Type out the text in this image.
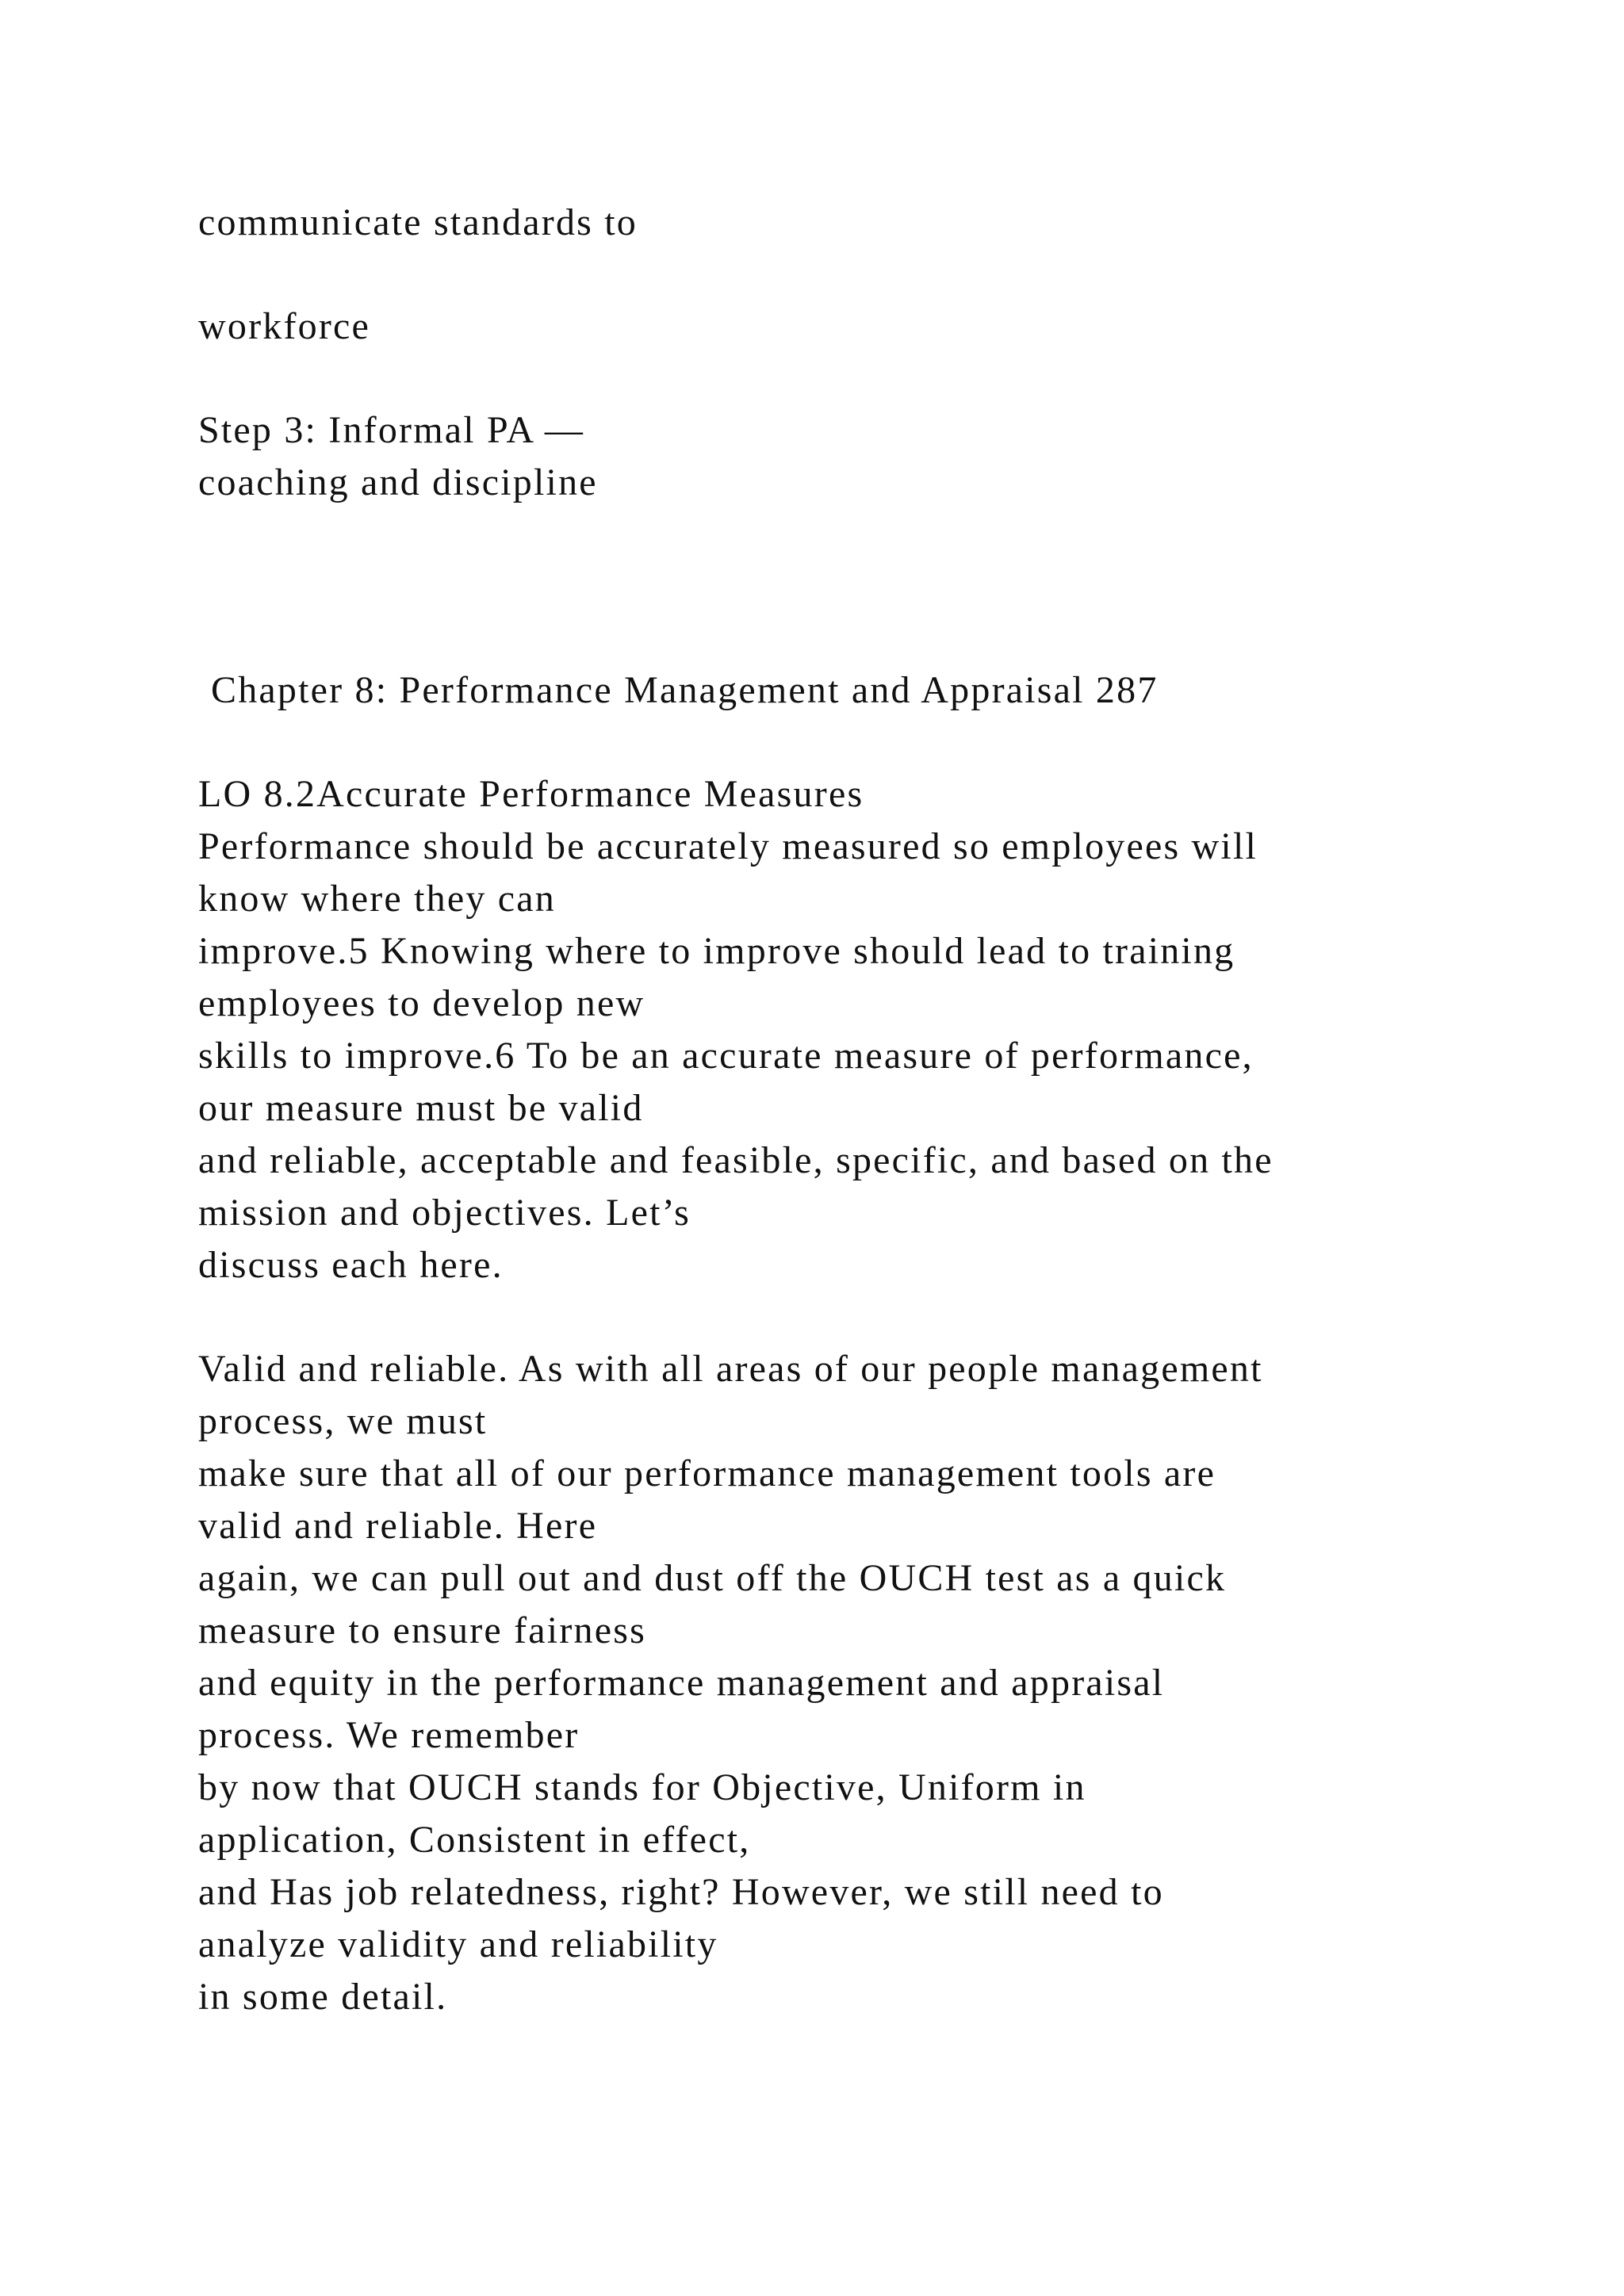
communicate standards to
workforce
Step 3: Informal PA —
coaching and discipline
Chapter 8: Performance Management and Appraisal 287
LO 8.2Accurate Performance Measures
Performance should be accurately measured so employees will
know where they can
improve.5 Knowing where to improve should lead to training
employees to develop new
skills to improve.6 To be an accurate measure of performance,
our measure must be valid
and reliable, acceptable and feasible, specific, and based on the
mission and objectives. Let’s
discuss each here.
Valid and reliable. As with all areas of our people management
process, we must
make sure that all of our performance management tools are
valid and reliable. Here
again, we can pull out and dust off the OUCH test as a quick
measure to ensure fairness
and equity in the performance management and appraisal
process. We remember
by now that OUCH stands for Objective, Uniform in
application, Consistent in effect,
and Has job relatedness, right? However, we still need to
analyze validity and reliability
in some detail.
